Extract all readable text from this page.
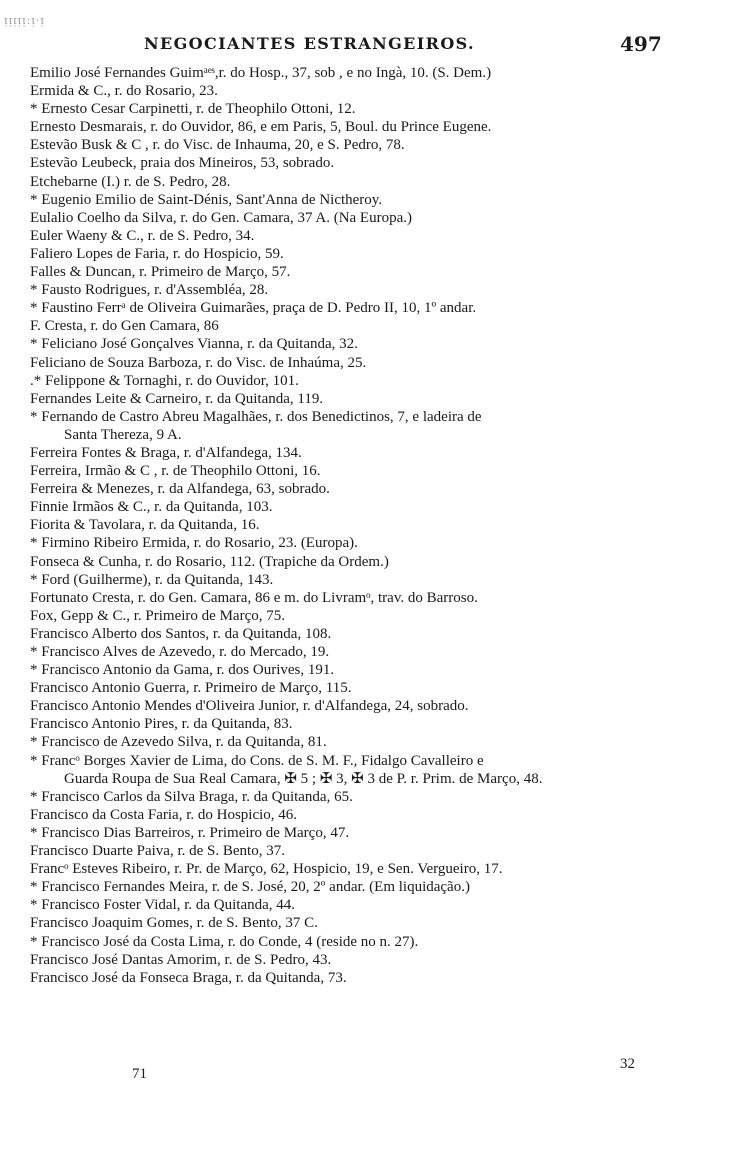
ᴉᴉᴉᴉᴉ:ᴉ·ᴉ
NEGOCIANTES ESTRANGEIROS.	497
Emilio José Fernandes Guimᵃᵉˢ,r. do Hosp., 37, sob , e no Ingà, 10. (S. Dem.)
Ermida & C., r. do Rosario, 23.
* Ernesto Cesar Carpinetti, r. de Theophilo Ottoni, 12.
Ernesto Desmarais, r. do Ouvidor, 86, e em Paris, 5, Boul. du Prince Eugene.
Estevão Busk & C , r. do Visc. de Inhauma, 20, e S. Pedro, 78.
Estevão Leubeck, praia dos Mineiros, 53, sobrado.
Etchebarne (I.) r. de S. Pedro, 28.
* Eugenio Emilio de Saint-Dénis, Sant'Anna de Nictheroy.
Eulalio Coelho da Silva, r. do Gen. Camara, 37 A. (Na Europa.)
Euler Waeny & C., r. de S. Pedro, 34.
Faliero Lopes de Faria, r. do Hospicio, 59.
Falles & Duncan, r. Primeiro de Março, 57.
* Fausto Rodrigues, r. d'Assembléa, 28.
* Faustino Ferrᵃ de Oliveira Guimarães, praça de D. Pedro II, 10, 1º andar.
F. Cresta, r. do Gen Camara, 86
* Feliciano José Gonçalves Vianna, r. da Quitanda, 32.
Feliciano de Souza Barboza, r. do Visc. de Inhaúma, 25.
.* Felippone & Tornaghi, r. do Ouvidor, 101.
Fernandes Leite & Carneiro, r. da Quitanda, 119.
* Fernando de Castro Abreu Magalhães, r. dos Benedictinos, 7, e ladeira de
Santa Thereza, 9 A.
Ferreira Fontes & Braga, r. d'Alfandega, 134.
Ferreira, Irmão & C , r. de Theophilo Ottoni, 16.
Ferreira & Menezes, r. da Alfandega, 63, sobrado.
Finnie Irmãos & C., r. da Quitanda, 103.
Fiorita & Tavolara, r. da Quitanda, 16.
* Firmino Ribeiro Ermida, r. do Rosario, 23. (Europa).
Fonseca & Cunha, r. do Rosario, 112. (Trapiche da Ordem.)
* Ford (Guilherme), r. da Quitanda, 143.
Fortunato Cresta, r. do Gen. Camara, 86 e m. do Livramᵒ, trav. do Barroso.
Fox, Gepp & C., r. Primeiro de Março, 75.
Francisco Alberto dos Santos, r. da Quitanda, 108.
* Francisco Alves de Azevedo, r. do Mercado, 19.
* Francisco Antonio da Gama, r. dos Ourives, 191.
Francisco Antonio Guerra, r. Primeiro de Março, 115.
Francisco Antonio Mendes d'Oliveira Junior, r. d'Alfandega, 24, sobrado.
Francisco Antonio Pires, r. da Quitanda, 83.
* Francisco de Azevedo Silva, r. da Quitanda, 81.
* Francᵒ Borges Xavier de Lima, do Cons. de S. M. F., Fidalgo Cavalleiro e
Guarda Roupa de Sua Real Camara, ✠ 5 ; ✠ 3, ✠ 3 de P. r. Prim. de Março, 48.
* Francisco Carlos da Silva Braga, r. da Quitanda, 65.
Francisco da Costa Faria, r. do Hospicio, 46.
* Francisco Dias Barreiros, r. Primeiro de Março, 47.
Francisco Duarte Paiva, r. de S. Bento, 37.
Francᵒ Esteves Ribeiro, r. Pr. de Março, 62, Hospicio, 19, e Sen. Vergueiro, 17.
* Francisco Fernandes Meira, r. de S. José, 20, 2º andar. (Em liquidação.)
* Francisco Foster Vidal, r. da Quitanda, 44.
Francisco Joaquim Gomes, r. de S. Bento, 37 C.
* Francisco José da Costa Lima, r. do Conde, 4 (reside no n. 27).
Francisco José Dantas Amorim, r. de S. Pedro, 43.
Francisco José da Fonseca Braga, r. da Quitanda, 73.
71
32
